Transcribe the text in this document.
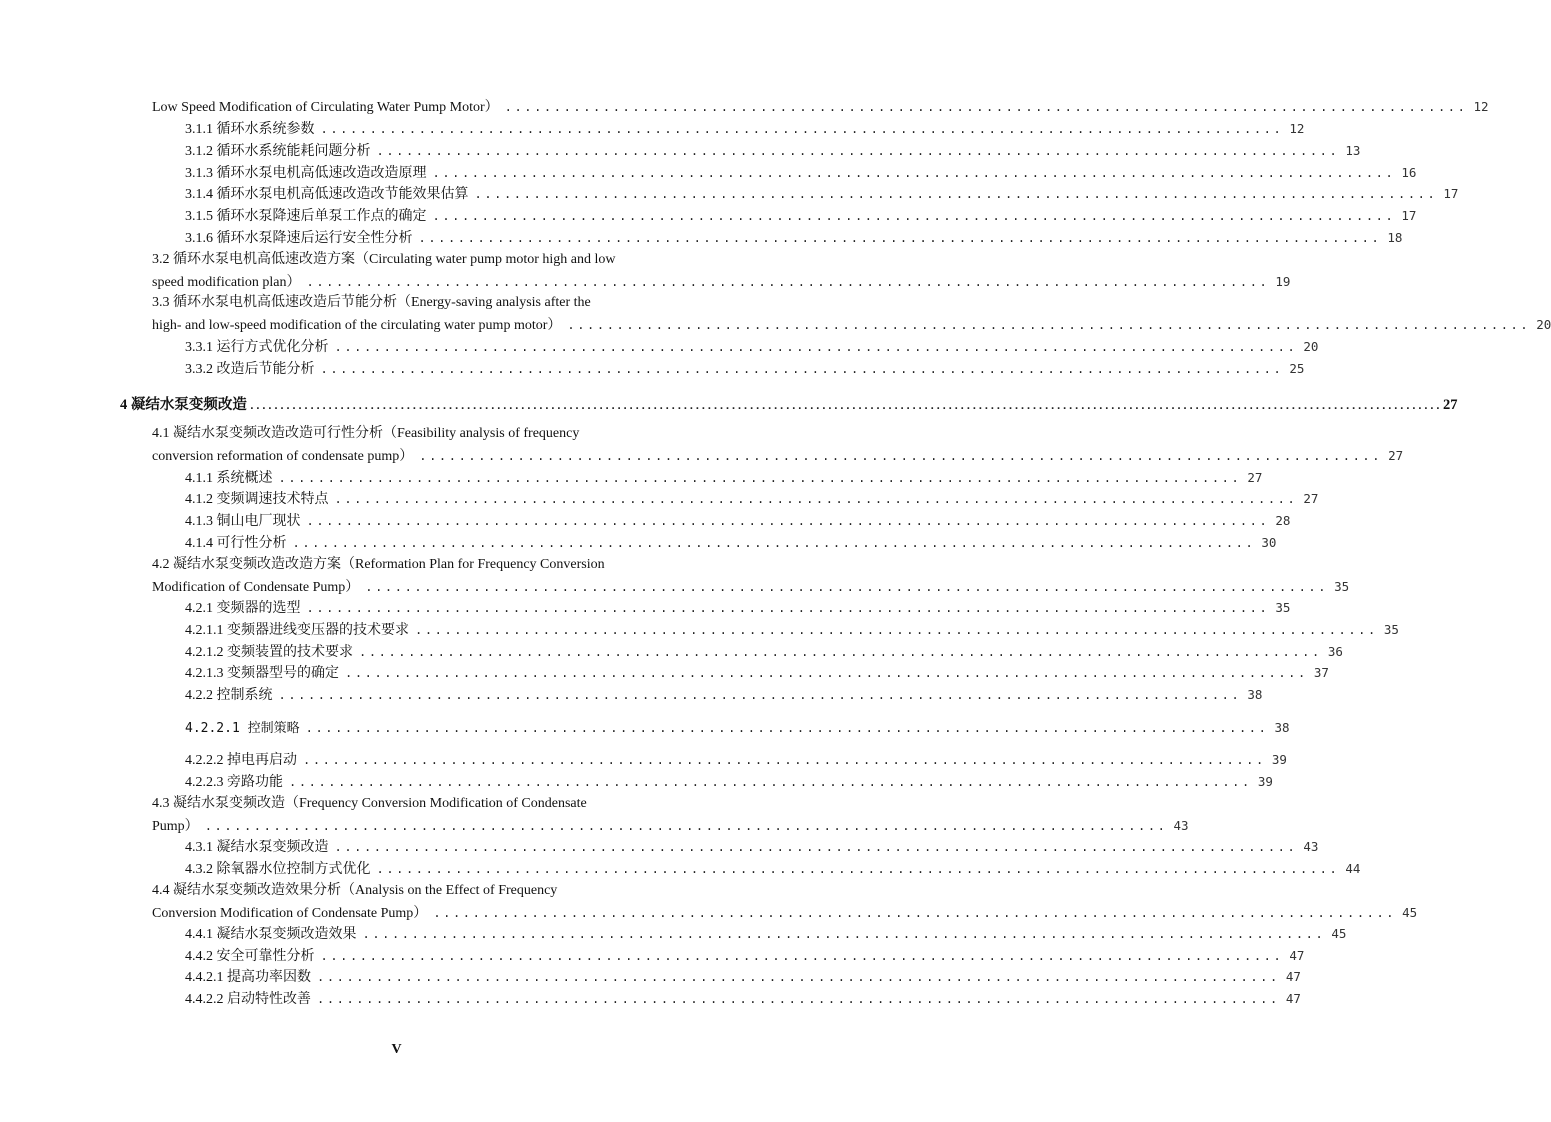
Low Speed Modification of Circulating Water Pump Motor） .................................................................................................. 12
3.1.1 循环水系统参数 .................................................................................................. 12
3.1.2 循环水系统能耗问题分析 .................................................................................................. 13
3.1.3 循环水泵电机高低速改造改造原理 .................................................................................................. 16
3.1.4 循环水泵电机高低速改造改节能效果估算 .................................................................................................. 17
3.1.5 循环水泵降速后单泵工作点的确定 .................................................................................................. 17
3.1.6 循环水泵降速后运行安全性分析 .................................................................................................. 18
3.2 循环水泵电机高低速改造方案（Circulating water pump motor high and low
speed modification plan） .................................................................................................. 19
3.3 循环水泵电机高低速改造后节能分析（Energy-saving analysis after the
high- and low-speed modification of the circulating water pump motor） .................................................................................................. 20
3.3.1 运行方式优化分析 .................................................................................................. 20
3.3.2 改造后节能分析 .................................................................................................. 25
4 凝结水泵变频改造 ...................................................................................................................................................................................................... 27
4.1 凝结水泵变频改造改造可行性分析（Feasibility analysis of frequency
conversion reformation of condensate pump） .................................................................................................. 27
4.1.1 系统概述 .................................................................................................. 27
4.1.2 变频调速技术特点 .................................................................................................. 27
4.1.3 铜山电厂现状 .................................................................................................. 28
4.1.4 可行性分析 .................................................................................................. 30
4.2 凝结水泵变频改造改造方案（Reformation Plan for Frequency Conversion
Modification of Condensate Pump） .................................................................................................. 35
4.2.1 变频器的选型 .................................................................................................. 35
4.2.1.1 变频器进线变压器的技术要求 .................................................................................................. 35
4.2.1.2 变频装置的技术要求 .................................................................................................. 36
4.2.1.3 变频器型号的确定 .................................................................................................. 37
4.2.2 控制系统 .................................................................................................. 38
4.2.2.1 控制策略 .................................................................................................. 38
4.2.2.2 掉电再启动 .................................................................................................. 39
4.2.2.3 旁路功能 .................................................................................................. 39
4.3 凝结水泵变频改造（Frequency Conversion Modification of Condensate
Pump） .................................................................................................. 43
4.3.1 凝结水泵变频改造 .................................................................................................. 43
4.3.2 除氧器水位控制方式优化 .................................................................................................. 44
4.4 凝结水泵变频改造效果分析（Analysis on the Effect of Frequency
Conversion Modification of Condensate Pump） .................................................................................................. 45
4.4.1 凝结水泵变频改造效果 .................................................................................................. 45
4.4.2 安全可靠性分析 .................................................................................................. 47
4.4.2.1 提高功率因数 .................................................................................................. 47
4.4.2.2 启动特性改善 .................................................................................................. 47
V
